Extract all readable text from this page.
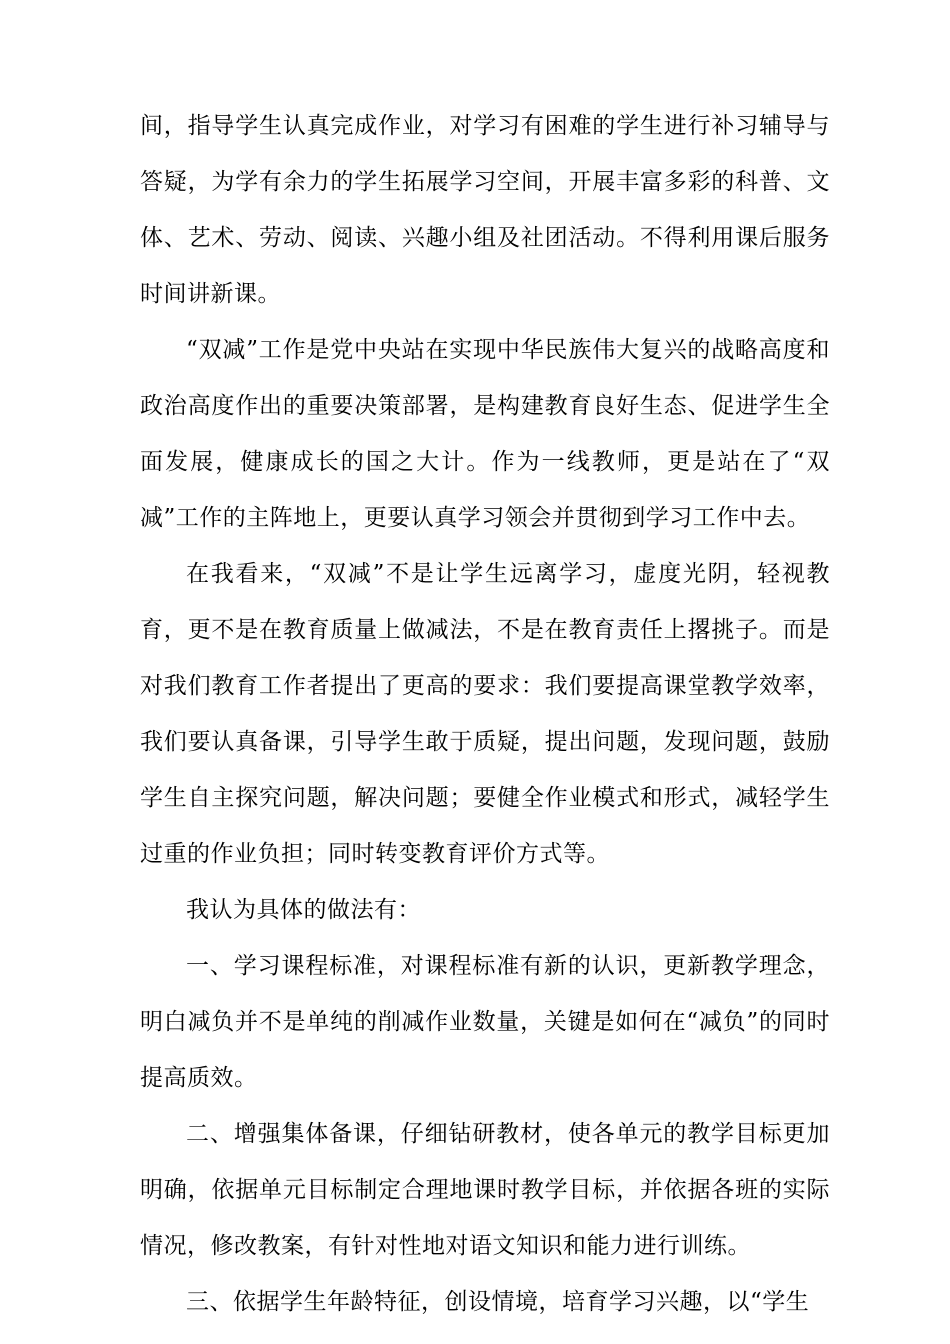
间，指导学生认真完成作业，对学习有困难的学生进行补习辅导与答疑，为学有余力的学生拓展学习空间，开展丰富多彩的科普、文体、艺术、劳动、阅读、兴趣小组及社团活动。不得利用课后服务时间讲新课。

“双减”工作是党中央站在实现中华民族伟大复兴的战略高度和政治高度作出的重要决策部署，是构建教育良好生态、促进学生全面发展，健康成长的国之大计。作为一线教师，更是站在了“双减”工作的主阵地上，更要认真学习领会并贯彻到学习工作中去。

在我看来，“双减”不是让学生远离学习，虚度光阴，轻视教育，更不是在教育质量上做减法，不是在教育责任上撂挑子。而是对我们教育工作者提出了更高的要求：我们要提高课堂教学效率，我们要认真备课，引导学生敢于质疑，提出问题，发现问题，鼓励学生自主探究问题，解决问题；要健全作业模式和形式，减轻学生过重的作业负担；同时转变教育评价方式等。

我认为具体的做法有：

一、学习课程标准，对课程标准有新的认识，更新教学理念，明白减负并不是单纯的削减作业数量，关键是如何在“减负”的同时提高质效。

二、增强集体备课，仔细钻研教材，使各单元的教学目标更加明确，依据单元目标制定合理地课时教学目标，并依据各班的实际情况，修改教案，有针对性地对语文知识和能力进行训练。

三、依据学生年龄特征，创设情境，培育学习兴趣，以“学生
